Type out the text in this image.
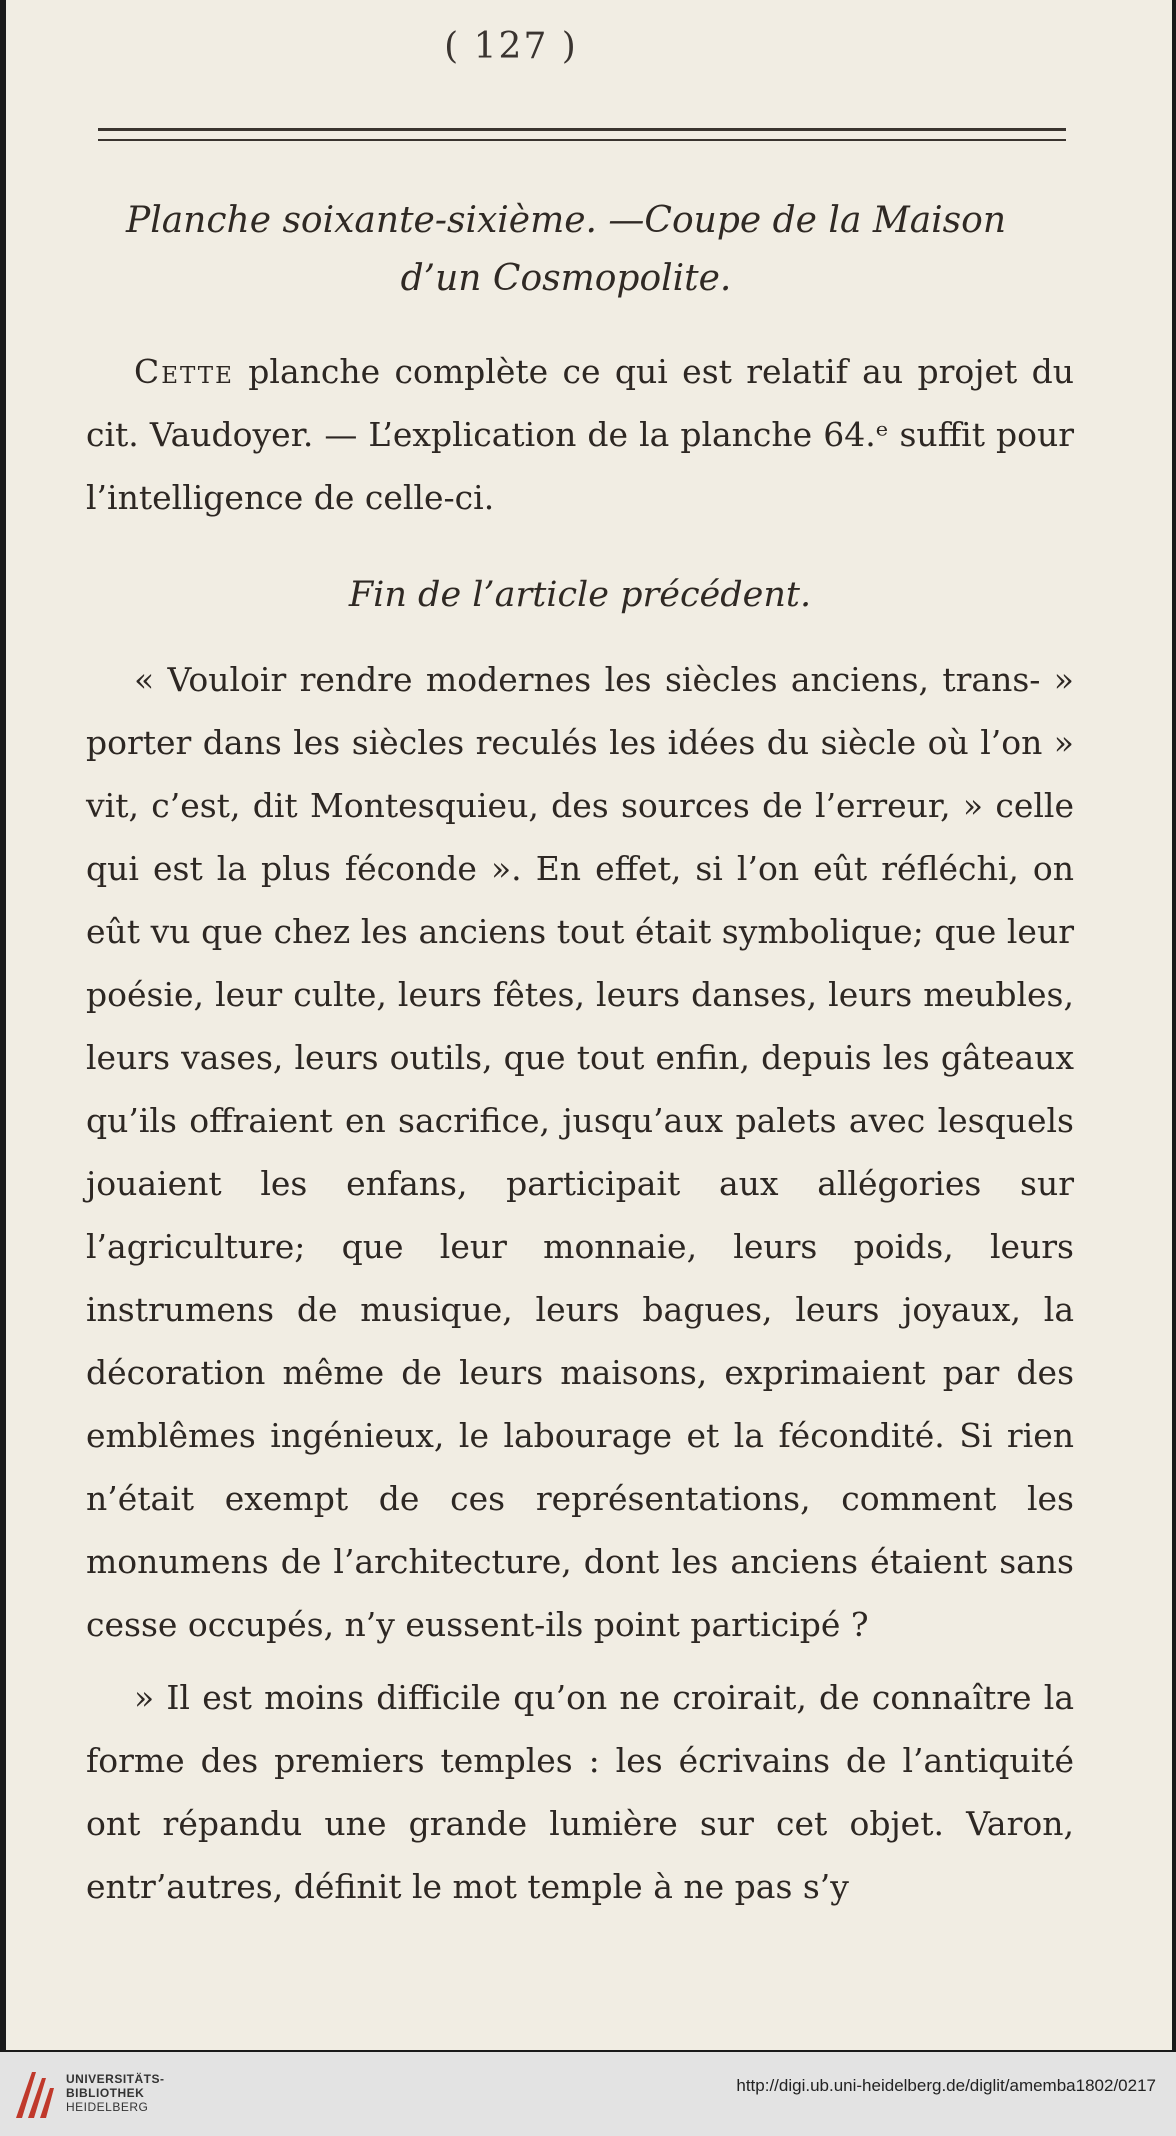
( 127 )
Planche soixante-sixième. —Coupe de la Maison
d’un Cosmopolite.
Cette planche complète ce qui est relatif au projet du cit. Vaudoyer. — L’explication de la planche 64.ᵉ suffit pour l’intelligence de celle-ci.
Fin de l’article précédent.
« Vouloir rendre modernes les siècles anciens, trans- » porter dans les siècles reculés les idées du siècle où l’on » vit, c’est, dit Montesquieu, des sources de l’erreur, » celle qui est la plus féconde ». En effet, si l’on eût réfléchi, on eût vu que chez les anciens tout était symbolique; que leur poésie, leur culte, leurs fêtes, leurs danses, leurs meubles, leurs vases, leurs outils, que tout enfin, depuis les gâteaux qu’ils offraient en sacrifice, jusqu’aux palets avec lesquels jouaient les enfans, participait aux allégories sur l’agriculture; que leur monnaie, leurs poids, leurs instrumens de musique, leurs bagues, leurs joyaux, la décoration même de leurs maisons, exprimaient par des emblêmes ingénieux, le labourage et la fécondité. Si rien n’était exempt de ces représentations, comment les monumens de l’architecture, dont les anciens étaient sans cesse occupés, n’y eussent-ils point participé ?
» Il est moins difficile qu’on ne croirait, de connaître la forme des premiers temples : les écrivains de l’antiquité ont répandu une grande lumière sur cet objet. Varon, entr’autres, définit le mot temple à ne pas s’y
UNIVERSITÄTS-
BIBLIOTHEK
HEIDELBERG
http://digi.ub.uni-heidelberg.de/diglit/amemba1802/0217
